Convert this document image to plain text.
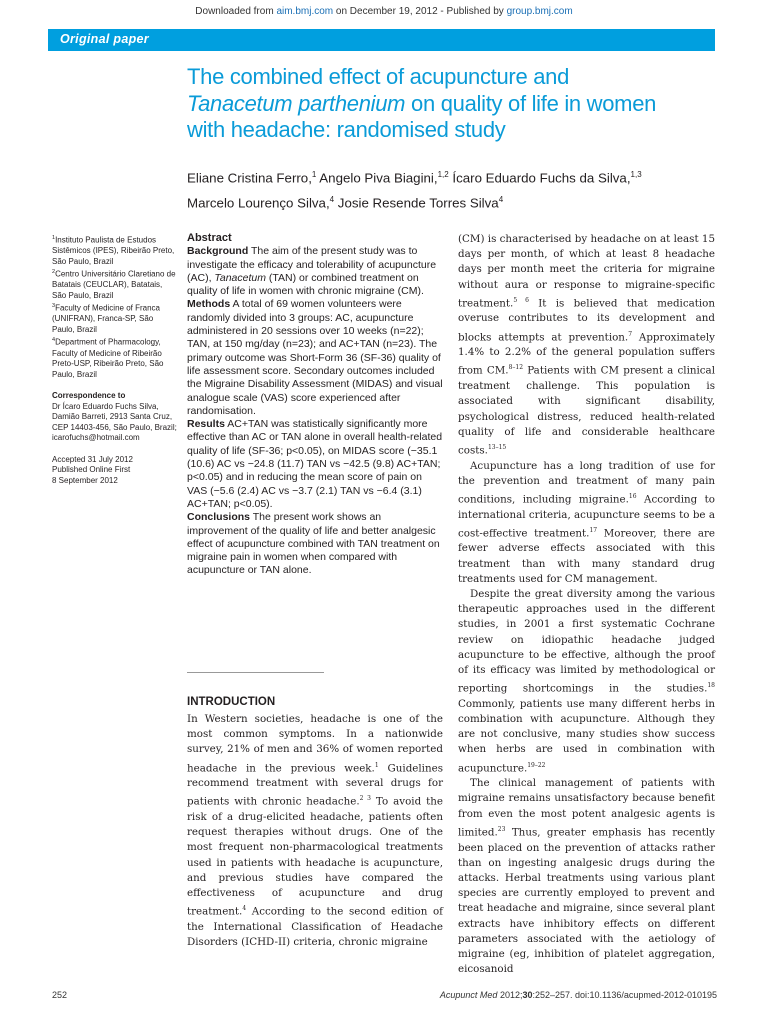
Downloaded from aim.bmj.com on December 19, 2012 - Published by group.bmj.com
Original paper
The combined effect of acupuncture and Tanacetum parthenium on quality of life in women with headache: randomised study
Eliane Cristina Ferro,$^1$ Angelo Piva Biagini,$^{1,2}$ Ícaro Eduardo Fuchs da Silva,$^{1,3}$
Marcelo Lourenço Silva,$^4$ Josie Resende Torres Silva$^4$

$^1$Instituto Paulista de Estudos Sistêmicos (IPES), Ribeirão Preto, São Paulo, Brazil

$^2$Centro Universitário Claretiano de Batatais (CEUCLAR), Batatais, São Paulo, Brazil

$^3$Faculty of Medicine of Franca (UNIFRAN), Franca-SP, São Paulo, Brazil

$^4$Department of Pharmacology, Faculty of Medicine of Ribeirão Preto-USP, Ribeirão Preto, São Paulo, Brazil

Correspondence to

Dr Ícaro Eduardo Fuchs Silva, Damião Barreti, 2913 Santa Cruz, CEP 14403-456, São Paulo, Brazil; icarofuchs@hotmail.com

Accepted 31 July 2012

Published Online First

8 September 2012

Abstract

Background The aim of the present study was to investigate the efficacy and tolerability of acupuncture (AC), Tanacetum (TAN) or combined treatment on quality of life in women with chronic migraine (CM).

Methods A total of 69 women volunteers were randomly divided into 3 groups: AC, acupuncture administered in 20 sessions over 10 weeks (n=22); TAN, at 150 mg/day (n=23); and AC+TAN (n=23). The primary outcome was Short-Form 36 (SF-36) quality of life assessment score. Secondary outcomes included the Migraine Disability Assessment (MIDAS) and visual analogue scale (VAS) score experienced after randomisation.

Results AC+TAN was statistically significantly more effective than AC or TAN alone in overall health-related quality of life (SF-36; p<0.05), on MIDAS score (−35.1 (10.6) AC vs −24.8 (11.7) TAN vs −42.5 (9.8) AC+TAN; p<0.05) and in reducing the mean score of pain on VAS (−5.6 (2.4) AC vs −3.7 (2.1) TAN vs −6.4 (3.1) AC+TAN; p<0.05).

Conclusions The present work shows an improvement of the quality of life and better analgesic effect of acupuncture combined with TAN treatment on migraine pain in women when compared with acupuncture or TAN alone.

INTRODUCTION
In Western societies, headache is one of the most common symptoms. In a nationwide survey, 21% of men and 36% of women reported headache in the previous week.$^1$ Guidelines recommend treatment with several drugs for patients with chronic headache.$^{2 3}$ To avoid the risk of a drug-elicited headache, patients often request therapies without drugs. One of the most frequent non-pharmacological treatments used in patients with headache is acupuncture, and previous studies have compared the effectiveness of acupuncture and drug treatment.$^4$ According to the second edition of the International Classification of Headache Disorders (ICHD-II) criteria, chronic migraine

(CM) is characterised by headache on at least 15 days per month, of which at least 8 headache days per month meet the criteria for migraine without aura or response to migraine-specific treatment.$^{5 6}$ It is believed that medication overuse contributes to its development and blocks attempts at prevention.$^7$ Approximately 1.4% to 2.2% of the general population suffers from CM.$^{8-12}$ Patients with CM present a clinical treatment challenge. This population is associated with significant disability, psychological distress, reduced health-related quality of life and considerable healthcare costs.$^{13-15}$

Acupuncture has a long tradition of use for the prevention and treatment of many pain conditions, including migraine.$^{16}$ According to international criteria, acupuncture seems to be a cost-effective treatment.$^{17}$ Moreover, there are fewer adverse effects associated with this treatment than with many standard drug treatments used for CM management.

Despite the great diversity among the various therapeutic approaches used in the different studies, in 2001 a first systematic Cochrane review on idiopathic headache judged acupuncture to be effective, although the proof of its efficacy was limited by methodological or reporting shortcomings in the studies.$^{18}$ Commonly, patients use many different herbs in combination with acupuncture. Although they are not conclusive, many studies show success when herbs are used in combination with acupuncture.$^{19-22}$

The clinical management of patients with migraine remains unsatisfactory because benefit from even the most potent analgesic agents is limited.$^{23}$ Thus, greater emphasis has recently been placed on the prevention of attacks rather than on ingesting analgesic drugs during the attacks. Herbal treatments using various plant species are currently employed to prevent and treat headache and migraine, since several plant extracts have inhibitory effects on different parameters associated with the aetiology of migraine (eg, inhibition of platelet aggregation, eicosanoid

252	Acupunct Med 2012;30:252–257. doi:10.1136/acupmed-2012-010195
